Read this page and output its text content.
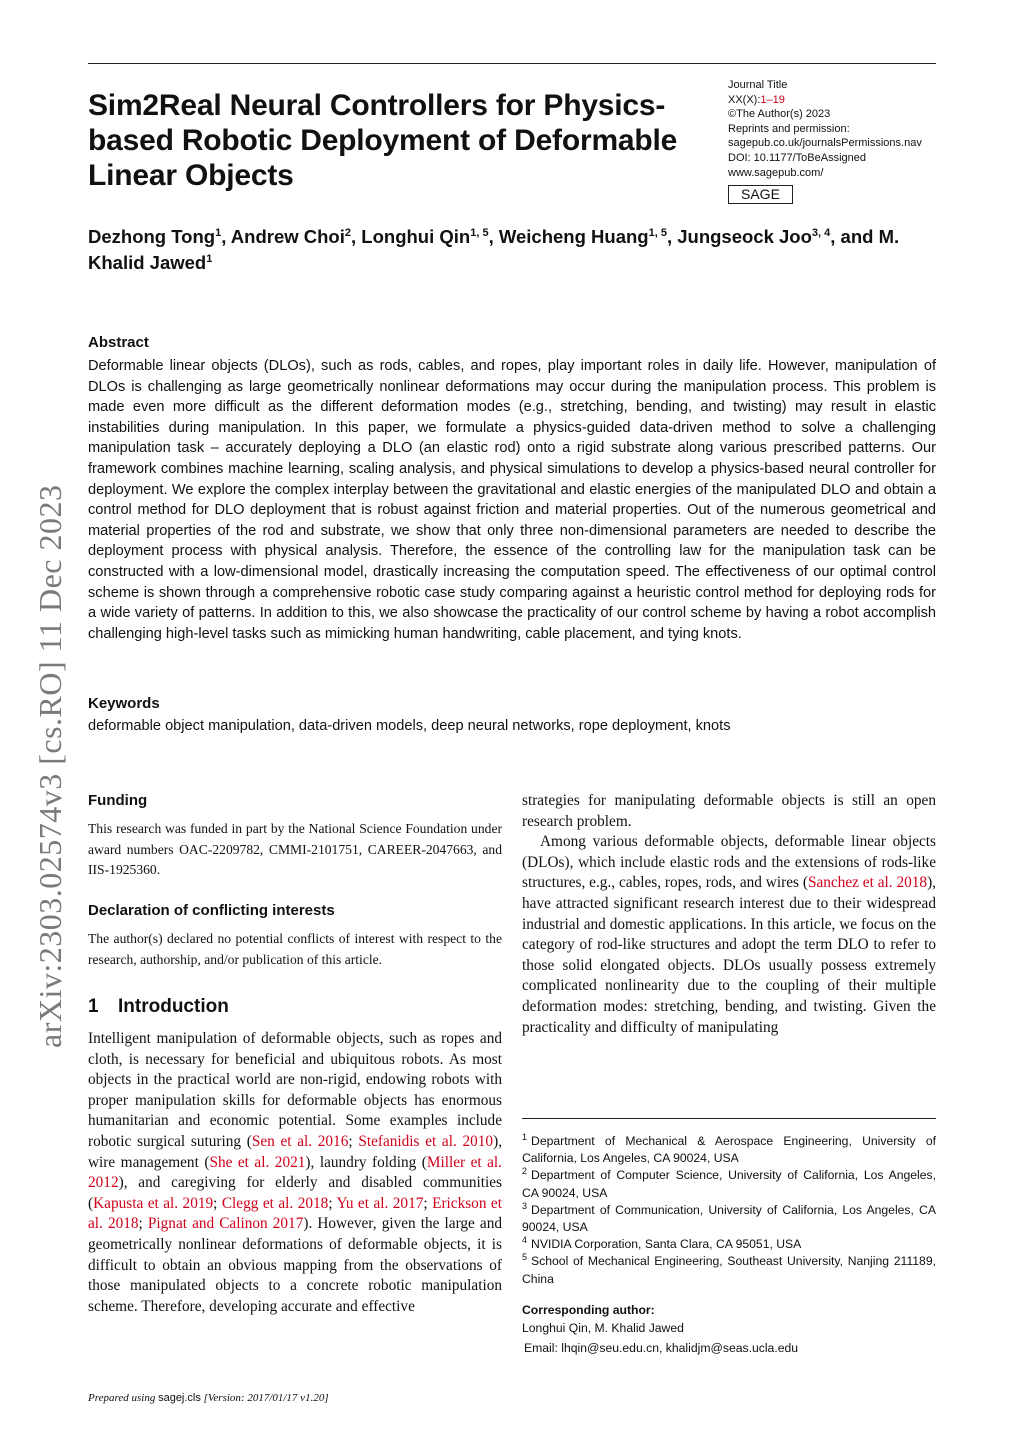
Sim2Real Neural Controllers for Physics-based Robotic Deployment of Deformable Linear Objects
Journal Title
XX(X):1–19
©The Author(s) 2023
Reprints and permission:
sagepub.co.uk/journalsPermissions.nav
DOI: 10.1177/ToBeAssigned
www.sagepub.com/
SAGE
Dezhong Tong$^1$, Andrew Choi$^2$, Longhui Qin$^{1, 5}$, Weicheng Huang$^{1, 5}$, Jungseock Joo$^{3, 4}$, and M. Khalid Jawed$^1$
arXiv:2303.02574v3 [cs.RO] 11 Dec 2023
Abstract
Deformable linear objects (DLOs), such as rods, cables, and ropes, play important roles in daily life. However, manipulation of DLOs is challenging as large geometrically nonlinear deformations may occur during the manipulation process. This problem is made even more difficult as the different deformation modes (e.g., stretching, bending, and twisting) may result in elastic instabilities during manipulation. In this paper, we formulate a physics-guided data-driven method to solve a challenging manipulation task – accurately deploying a DLO (an elastic rod) onto a rigid substrate along various prescribed patterns. Our framework combines machine learning, scaling analysis, and physical simulations to develop a physics-based neural controller for deployment. We explore the complex interplay between the gravitational and elastic energies of the manipulated DLO and obtain a control method for DLO deployment that is robust against friction and material properties. Out of the numerous geometrical and material properties of the rod and substrate, we show that only three non-dimensional parameters are needed to describe the deployment process with physical analysis. Therefore, the essence of the controlling law for the manipulation task can be constructed with a low-dimensional model, drastically increasing the computation speed. The effectiveness of our optimal control scheme is shown through a comprehensive robotic case study comparing against a heuristic control method for deploying rods for a wide variety of patterns. In addition to this, we also showcase the practicality of our control scheme by having a robot accomplish challenging high-level tasks such as mimicking human handwriting, cable placement, and tying knots.
Keywords
deformable object manipulation, data-driven models, deep neural networks, rope deployment, knots
Funding
This research was funded in part by the National Science Foundation under award numbers OAC-2209782, CMMI-2101751, CAREER-2047663, and IIS-1925360.
Declaration of conflicting interests
The author(s) declared no potential conflicts of interest with respect to the research, authorship, and/or publication of this article.
1 Introduction
Intelligent manipulation of deformable objects, such as ropes and cloth, is necessary for beneficial and ubiquitous robots. As most objects in the practical world are non-rigid, endowing robots with proper manipulation skills for deformable objects has enormous humanitarian and economic potential. Some examples include robotic surgical suturing (Sen et al. 2016; Stefanidis et al. 2010), wire management (She et al. 2021), laundry folding (Miller et al. 2012), and caregiving for elderly and disabled communities (Kapusta et al. 2019; Clegg et al. 2018; Yu et al. 2017; Erickson et al. 2018; Pignat and Calinon 2017). However, given the large and geometrically nonlinear deformations of deformable objects, it is difficult to obtain an obvious mapping from the observations of those manipulated objects to a concrete robotic manipulation scheme. Therefore, developing accurate and effective

strategies for manipulating deformable objects is still an open research problem.

Among various deformable objects, deformable linear objects (DLOs), which include elastic rods and the extensions of rods-like structures, e.g., cables, ropes, rods, and wires (Sanchez et al. 2018), have attracted significant research interest due to their widespread industrial and domestic applications. In this article, we focus on the category of rod-like structures and adopt the term DLO to refer to those solid elongated objects. DLOs usually possess extremely complicated nonlinearity due to the coupling of their multiple deformation modes: stretching, bending, and twisting. Given the practicality and difficulty of manipulating

$^1$ Department of Mechanical & Aerospace Engineering, University of California, Los Angeles, CA 90024, USA
$^2$ Department of Computer Science, University of California, Los Angeles, CA 90024, USA
$^3$ Department of Communication, University of California, Los Angeles, CA 90024, USA
$^4$ NVIDIA Corporation, Santa Clara, CA 95051, USA
$^5$ School of Mechanical Engineering, Southeast University, Nanjing 211189, China
Corresponding author:
Longhui Qin, M. Khalid Jawed
Email: lhqin@seu.edu.cn, khalidjm@seas.ucla.edu
Prepared using sagej.cls [Version: 2017/01/17 v1.20]
